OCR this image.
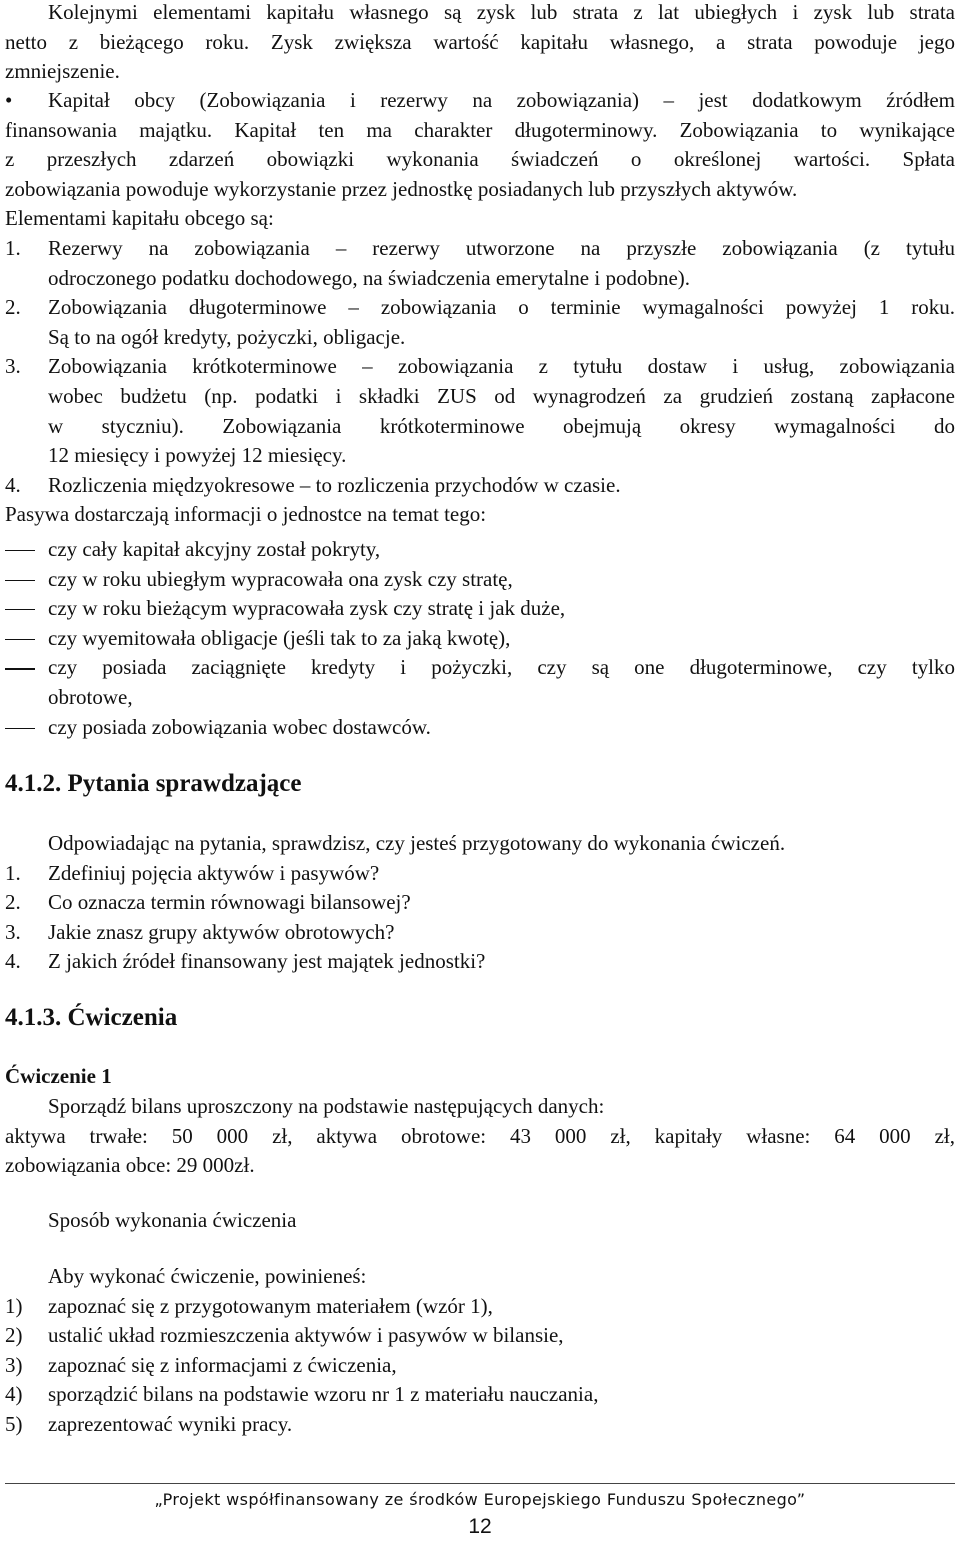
Kolejnymi elementami kapitału własnego są zysk lub strata z lat ubiegłych i zysk lub strata

netto z bieżącego roku. Zysk zwiększa wartość kapitału własnego, a strata powoduje jego

zmniejszenie.

• Kapitał obcy (Zobowiązania i rezerwy na zobowiązania) – jest dodatkowym źródłem

finansowania majątku. Kapitał ten ma charakter długoterminowy. Zobowiązania to wynikające

z przeszłych zdarzeń obowiązki wykonania świadczeń o określonej wartości. Spłata

zobowiązania powoduje wykorzystanie przez jednostkę posiadanych lub przyszłych aktywów.

Elementami kapitału obcego są:

1.	Rezerwy na zobowiązania – rezerwy utworzone na przyszłe zobowiązania (z tytułu

odroczonego podatku dochodowego, na świadczenia emerytalne i podobne).

2.	Zobowiązania długoterminowe – zobowiązania o terminie wymagalności powyżej 1 roku.

Są to na ogół kredyty, pożyczki, obligacje.

3.	Zobowiązania krótkoterminowe – zobowiązania z tytułu dostaw i usług, zobowiązania

wobec budżetu (np. podatki i składki ZUS od wynagrodzeń za grudzień zostaną zapłacone

w styczniu). Zobowiązania krótkoterminowe obejmują okresy wymagalności do

12 miesięcy i powyżej 12 miesięcy.

4.	Rozliczenia międzyokresowe – to rozliczenia przychodów w czasie.

Pasywa dostarczają informacji o jednostce na temat tego:

czy cały kapitał akcyjny został pokryty,

czy w roku ubiegłym wypracowała ona zysk czy stratę,

czy w roku bieżącym wypracowała zysk czy stratę i jak duże,

czy wyemitowała obligacje (jeśli tak to za jaką kwotę),

czy posiada zaciągnięte kredyty i pożyczki, czy są one długoterminowe, czy tylko

obrotowe,

czy posiada zobowiązania wobec dostawców.

4.1.2. Pytania sprawdzające

Odpowiadając na pytania, sprawdzisz, czy jesteś przygotowany do wykonania ćwiczeń.

1.	Zdefiniuj pojęcia aktywów i pasywów?

2.	Co oznacza termin równowagi bilansowej?

3.	Jakie znasz grupy aktywów obrotowych?

4.	Z jakich źródeł finansowany jest majątek jednostki?

4.1.3. Ćwiczenia

Ćwiczenie 1

Sporządź bilans uproszczony na podstawie następujących danych:

aktywa trwałe: 50 000 zł, aktywa obrotowe: 43 000 zł, kapitały własne: 64 000 zł,

zobowiązania obce: 29 000zł.

Sposób wykonania ćwiczenia

Aby wykonać ćwiczenie, powinieneś:

1)	zapoznać się z przygotowanym materiałem (wzór 1),

2)	ustalić układ rozmieszczenia aktywów i pasywów w bilansie,

3)	zapoznać się z informacjami z ćwiczenia,

4)	sporządzić bilans na podstawie wzoru nr 1 z materiału nauczania,

5)	zaprezentować wyniki pracy.

„Projekt współfinansowany ze środków Europejskiego Funduszu Społecznego”
12
